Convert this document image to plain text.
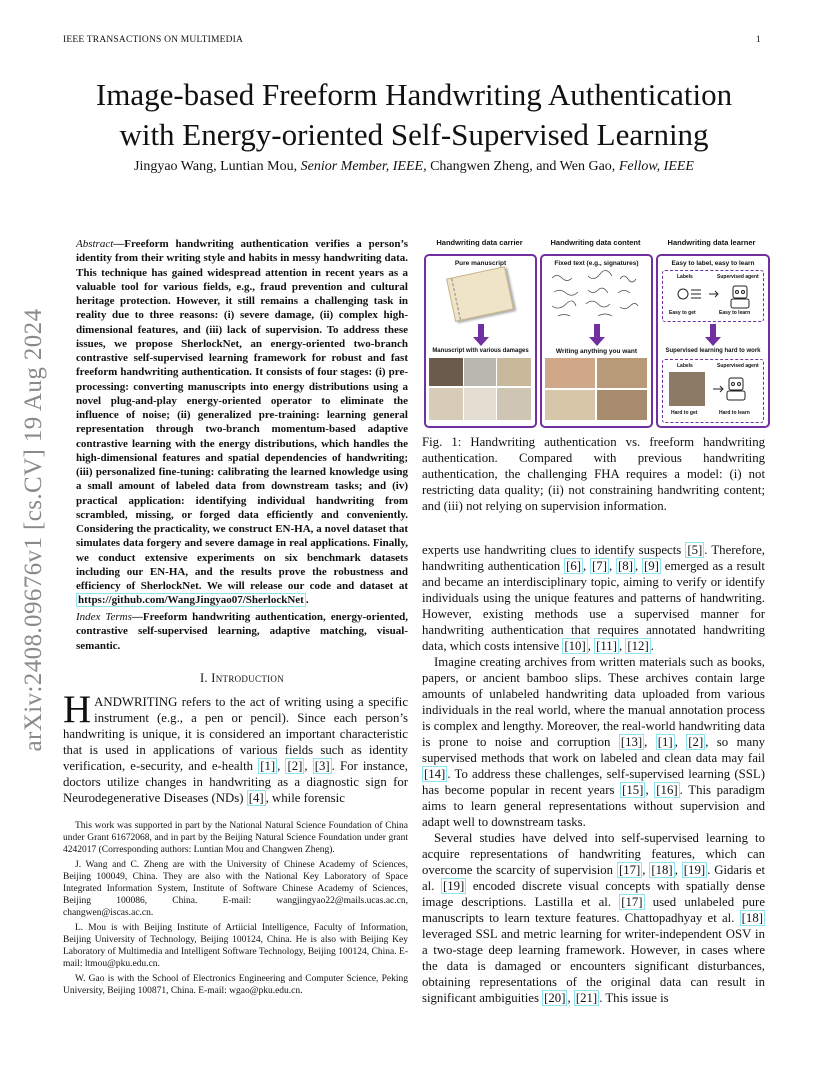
IEEE TRANSACTIONS ON MULTIMEDIA	1
Image-based Freeform Handwriting Authentication
with Energy-oriented Self-Supervised Learning
Jingyao Wang, Luntian Mou, Senior Member, IEEE, Changwen Zheng, and Wen Gao, Fellow, IEEE
arXiv:2408.09676v1 [cs.CV] 19 Aug 2024
Abstract—Freeform handwriting authentication verifies a person’s identity from their writing style and habits in messy handwriting data. This technique has gained widespread attention in recent years as a valuable tool for various fields, e.g., fraud prevention and cultural heritage protection. However, it still remains a challenging task in reality due to three reasons: (i) severe damage, (ii) complex high-dimensional features, and (iii) lack of supervision. To address these issues, we propose SherlockNet, an energy-oriented two-branch contrastive self-supervised learning framework for robust and fast freeform handwriting authentication. It consists of four stages: (i) pre-processing: converting manuscripts into energy distributions using a novel plug-and-play energy-oriented operator to eliminate the influence of noise; (ii) generalized pre-training: learning general representation through two-branch momentum-based adaptive contrastive learning with the energy distributions, which handles the high-dimensional features and spatial dependencies of handwriting; (iii) personalized fine-tuning: calibrating the learned knowledge using a small amount of labeled data from downstream tasks; and (iv) practical application: identifying individual handwriting from scrambled, missing, or forged data efficiently and conveniently. Considering the practicality, we construct EN-HA, a novel dataset that simulates data forgery and severe damage in real applications. Finally, we conduct extensive experiments on six benchmark datasets including our EN-HA, and the results prove the robustness and efficiency of SherlockNet. We will release our code and dataset at https://github.com/WangJingyao07/SherlockNet .
Index Terms—Freeform handwriting authentication, energy-oriented, contrastive self-supervised learning, adaptive matching, visual-semantic.
I. Introduction
HANDWRITING refers to the act of writing using a specific instrument (e.g., a pen or pencil). Since each person’s handwriting is unique, it is considered an important characteristic that is used in applications of various fields such as identity verification, e-security, and e-health [1] , [2] , [3] . For instance, doctors utilize changes in handwriting as a diagnostic sign for Neurodegenerative Diseases (NDs) [4] , while forensic

This work was supported in part by the National Natural Science Foundation of China under Grant 61672068, and in part by the Beijing Natural Science Foundation under grant 4242017 (Corresponding authors: Luntian Mou and Changwen Zheng).

J. Wang and C. Zheng are with the University of Chinese Academy of Sciences, Beijing 100049, China. They are also with the National Key Laboratory of Space Integrated Information System, Institute of Software Chinese Academy of Sciences, Beijing 100086, China. E-mail: wangjingyao22@mails.ucas.ac.cn, changwen@iscas.ac.cn.

L. Mou is with Beijing Institute of Artiicial Intelligence, Faculty of Information, Beijing University of Technology, Beijing 100124, China. He is also with Beijing Key Laboratory of Multimedia and Intelligent Software Technology, Beijing 100124, China. E-mail: ltmou@pku.edu.cn.

W. Gao is with the School of Electronics Engineering and Computer Science, Peking University, Beijing 100871, China. E-mail: wgao@pku.edu.cn.

Handwriting data carrier	Handwriting data content	Handwriting data learner
Pure manuscript
Manuscript with various damages
Fixed text (e.g., signatures)
Writing anything you want
Easy to label, easy to learn
Labels	Supervised agent
Easy to get	Easy to learn
Supervised learning hard to work
Labels	Supervised agent
Hard to get	Hard to learn
Fig. 1: Handwriting authentication vs. freeform handwriting authentication. Compared with previous handwriting authentication, the challenging FHA requires a model: (i) not restricting data quality; (ii) not constraining handwriting content; and (iii) not relying on supervision information.

experts use handwriting clues to identify suspects [5] . Therefore, handwriting authentication [6] , [7] , [8] , [9] emerged as a result and became an interdisciplinary topic, aiming to verify or identify individuals using the unique features and patterns of handwriting. However, existing methods use a supervised manner for handwriting authentication that requires annotated handwriting data, which costs intensive [10] , [11] , [12] .

Imagine creating archives from written materials such as books, papers, or ancient bamboo slips. These archives contain large amounts of unlabeled handwriting data uploaded from various individuals in the real world, where the manual annotation process is complex and lengthy. Moreover, the real-world handwriting data is prone to noise and corruption [13] , [1] , [2] , so many supervised methods that work on labeled and clean data may fail [14] . To address these challenges, self-supervised learning (SSL) has become popular in recent years [15] , [16] . This paradigm aims to learn general representations without supervision and adapt well to downstream tasks.

Several studies have delved into self-supervised learning to acquire representations of handwriting features, which can overcome the scarcity of supervision [17] , [18] , [19] . Gidaris et al. [19] encoded discrete visual concepts with spatially dense image descriptions. Lastilla et al. [17] used unlabeled pure manuscripts to learn texture features. Chattopadhyay et al. [18] leveraged SSL and metric learning for writer-independent OSV in a two-stage deep learning framework. However, in cases where the data is damaged or encounters significant disturbances, obtaining representations of the original data can result in significant ambiguities [20] , [21] . This issue is
